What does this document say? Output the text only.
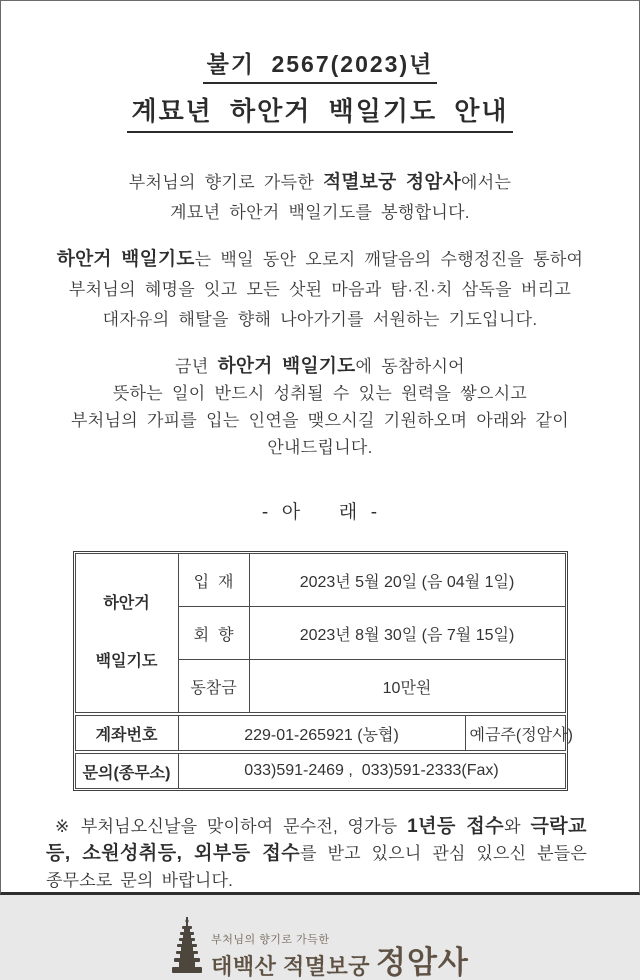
불기 2567(2023)년
계묘년 하안거 백일기도 안내
부처님의 향기로 가득한 적멸보궁 정암사에서는
계묘년 하안거 백일기도를 봉행합니다.
하안거 백일기도는 백일 동안 오로지 깨달음의 수행정진을 통하여
부처님의 혜명을 잇고 모든 삿된 마음과 탐·진·치 삼독을 버리고
대자유의 해탈을 향해 나아가기를 서원하는 기도입니다.
금년 하안거 백일기도에 동참하시어
뜻하는 일이 반드시 성취될 수 있는 원력을 쌓으시고
부처님의 가피를 입는 인연을 맺으시길 기원하오며 아래와 같이
안내드립니다.
-  아      래  -

하안거

백일기도	입  재	2023년 5월 20일 (음 04월 1일)
	회  향	2023년 8월 30일 (음 7월 15일)
	동참금	10만원
계좌번호	229-01-265921 (농협)	예금주(정암사)
문의(종무소)	033)591-2469 ,  033)591-2333(Fax)
※ 부처님오신날을 맞이하여 문수전, 영가등 1년등 접수와 극락교등, 소원성취등, 외부등 접수를 받고 있으니 관심 있으신 분들은 종무소로 문의 바랍니다.
부처님의 향기로 가득한
태백산 적멸보궁 정암사
